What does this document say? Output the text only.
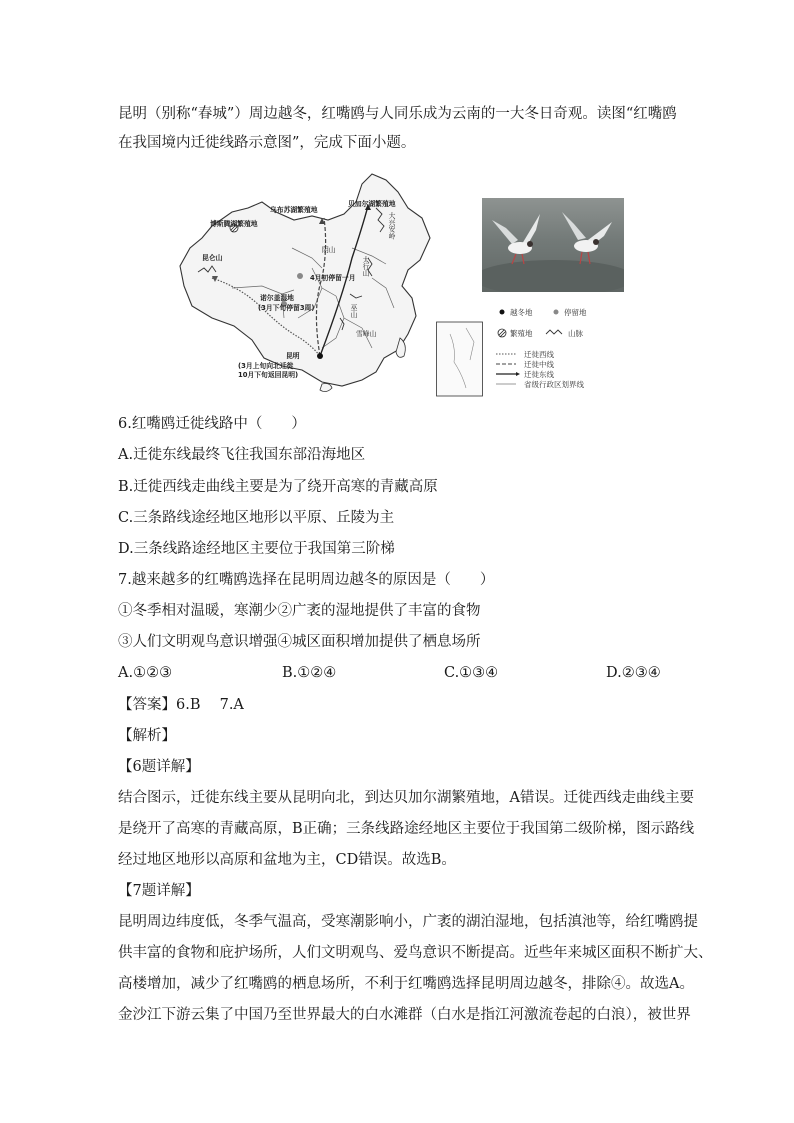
昆明（别称“春城”）周边越冬，红嘴鸥与人同乐成为云南的一大冬日奇观。读图“红嘴鸥
在我国境内迁徙线路示意图”，完成下面小题。
乌布苏湖繁殖地
贝加尔湖繁殖地
博斯腾湖繁殖地
昆仑山
4月初停留一月
诺尔盖湿地
(3月下旬停留3周)
昆明
(3月上旬向北迁徙
10月下旬返回昆明)
大兴安岭
太行山
巫山
雪峰山
阴山
越冬地	停留地
繁殖地	山脉
迁徙西线
迁徙中线
迁徙东线
省级行政区划界线
6.红嘴鸥迁徙线路中（　　）
A.迁徙东线最终飞往我国东部沿海地区
B.迁徙西线走曲线主要是为了绕开高寒的青藏高原
C.三条路线途经地区地形以平原、丘陵为主
D.三条线路途经地区主要位于我国第三阶梯
7.越来越多的红嘴鸥选择在昆明周边越冬的原因是（　　）
①冬季相对温暖，寒潮少②广袤的湿地提供了丰富的食物
③人们文明观鸟意识增强④城区面积增加提供了栖息场所
A.①②③	B.①②④	C.①③④	D.②③④
【答案】6.B　 7.A
【解析】
【6题详解】
结合图示，迁徙东线主要从昆明向北，到达贝加尔湖繁殖地，A错误。迁徙西线走曲线主要
是绕开了高寒的青藏高原，B正确；三条线路途经地区主要位于我国第二级阶梯，图示路线
经过地区地形以高原和盆地为主，CD错误。故选B。
【7题详解】
昆明周边纬度低，冬季气温高，受寒潮影响小，广袤的湖泊湿地，包括滇池等，给红嘴鸥提
供丰富的食物和庇护场所，人们文明观鸟、爱鸟意识不断提高。近些年来城区面积不断扩大、
高楼增加，减少了红嘴鸥的栖息场所，不利于红嘴鸥选择昆明周边越冬，排除④。故选A。
金沙江下游云集了中国乃至世界最大的白水滩群（白水是指江河激流卷起的白浪），被世界
